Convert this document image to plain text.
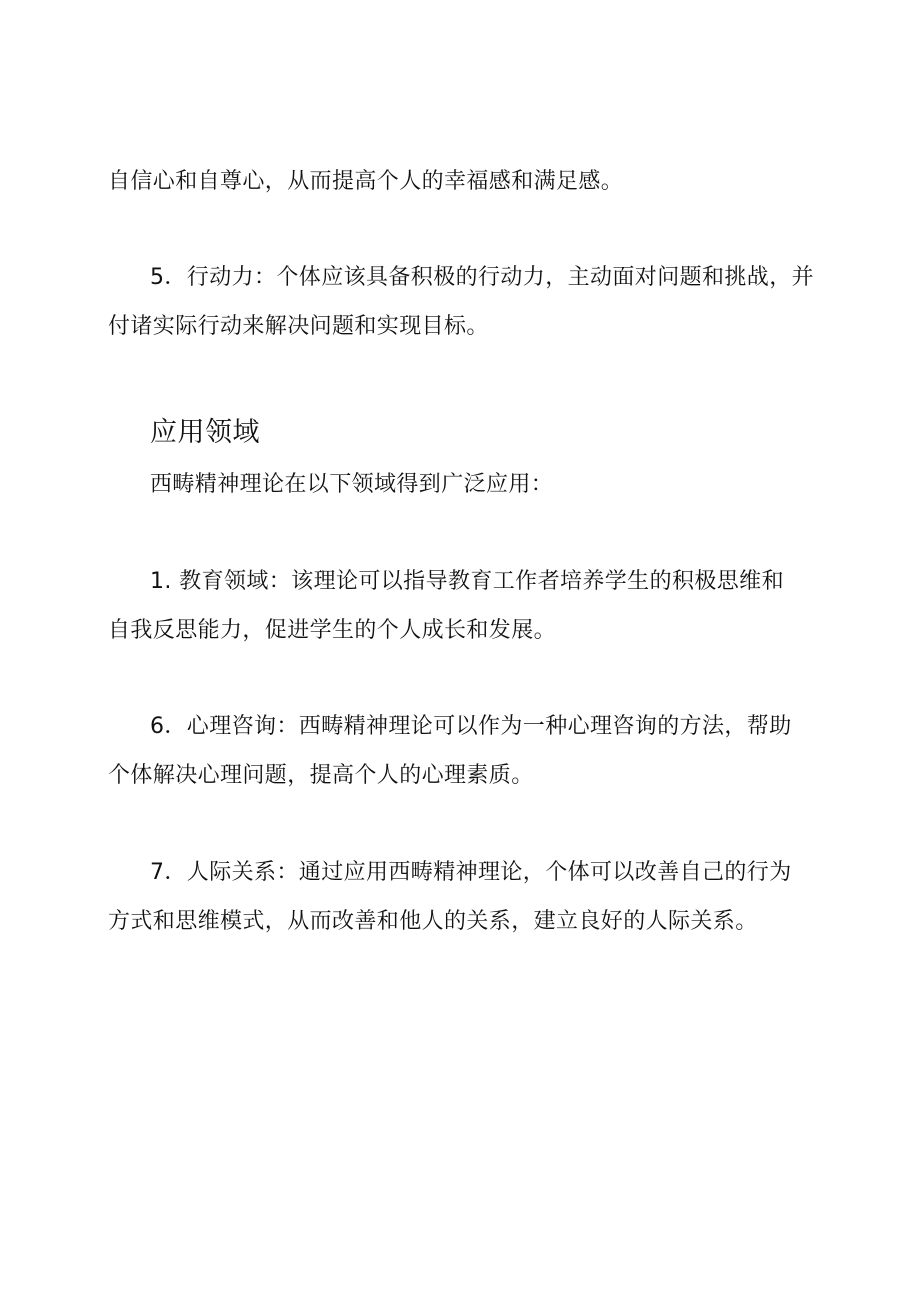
自信心和自尊心，从而提高个人的幸福感和满足感。
5．行动力：个体应该具备积极的行动力，主动面对问题和挑战，并
付诸实际行动来解决问题和实现目标。
应用领域
西畴精神理论在以下领域得到广泛应用：
1. 教育领域：该理论可以指导教育工作者培养学生的积极思维和
自我反思能力，促进学生的个人成长和发展。
6．心理咨询：西畴精神理论可以作为一种心理咨询的方法，帮助
个体解决心理问题，提高个人的心理素质。
7．人际关系：通过应用西畴精神理论，个体可以改善自己的行为
方式和思维模式，从而改善和他人的关系，建立良好的人际关系。
